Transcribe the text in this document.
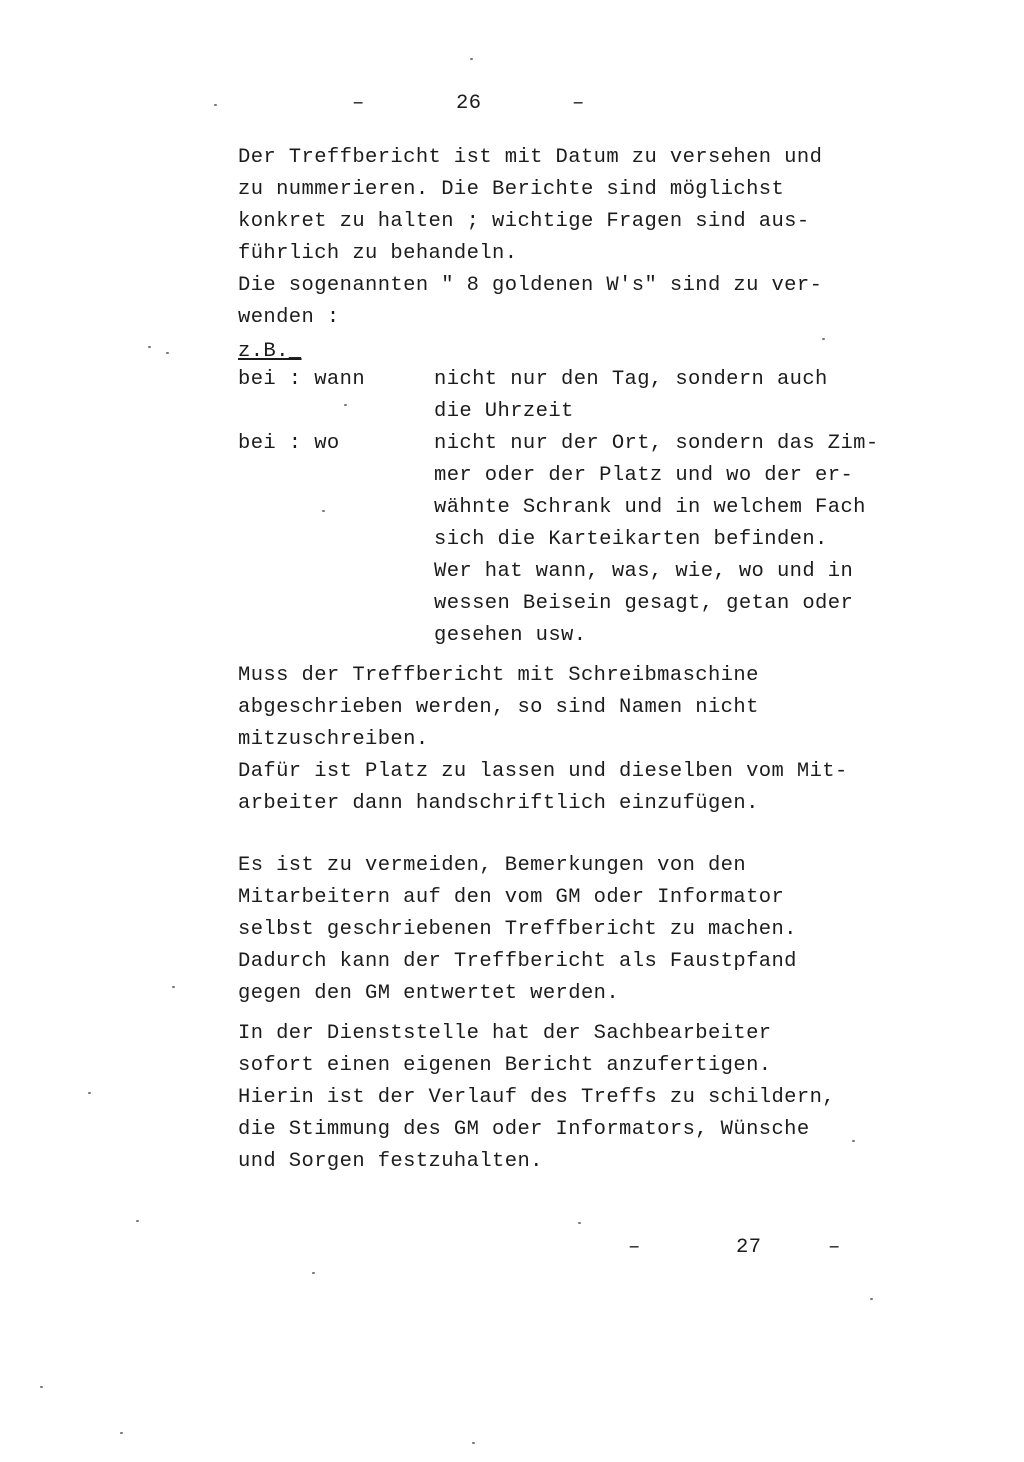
–	26	–
Der Treffbericht ist mit Datum zu versehen und
zu nummerieren. Die Berichte sind möglichst
konkret zu halten ; wichtige Fragen sind aus-
führlich zu behandeln.
Die sogenannten " 8 goldenen W's" sind zu ver-
wenden :
z.B._
bei : wann	nicht nur den Tag, sondern auch
die Uhrzeit
bei : wo	nicht nur der Ort, sondern das Zim-
mer oder der Platz und wo der er-
wähnte Schrank und in welchem Fach
sich die Karteikarten befinden.
Wer hat wann, was, wie, wo und in
wessen Beisein gesagt, getan oder
gesehen usw.
Muss der Treffbericht mit Schreibmaschine
abgeschrieben werden, so sind Namen nicht
mitzuschreiben.
Dafür ist Platz zu lassen und dieselben vom Mit-
arbeiter dann handschriftlich einzufügen.
Es ist zu vermeiden, Bemerkungen von den
Mitarbeitern auf den vom GM oder Informator
selbst geschriebenen Treffbericht zu machen.
Dadurch kann der Treffbericht als Faustpfand
gegen den GM entwertet werden.
In der Dienststelle hat der Sachbearbeiter
sofort einen eigenen Bericht anzufertigen.
Hierin ist der Verlauf des Treffs zu schildern,
die Stimmung des GM oder Informators, Wünsche
und Sorgen festzuhalten.
–	27	–
